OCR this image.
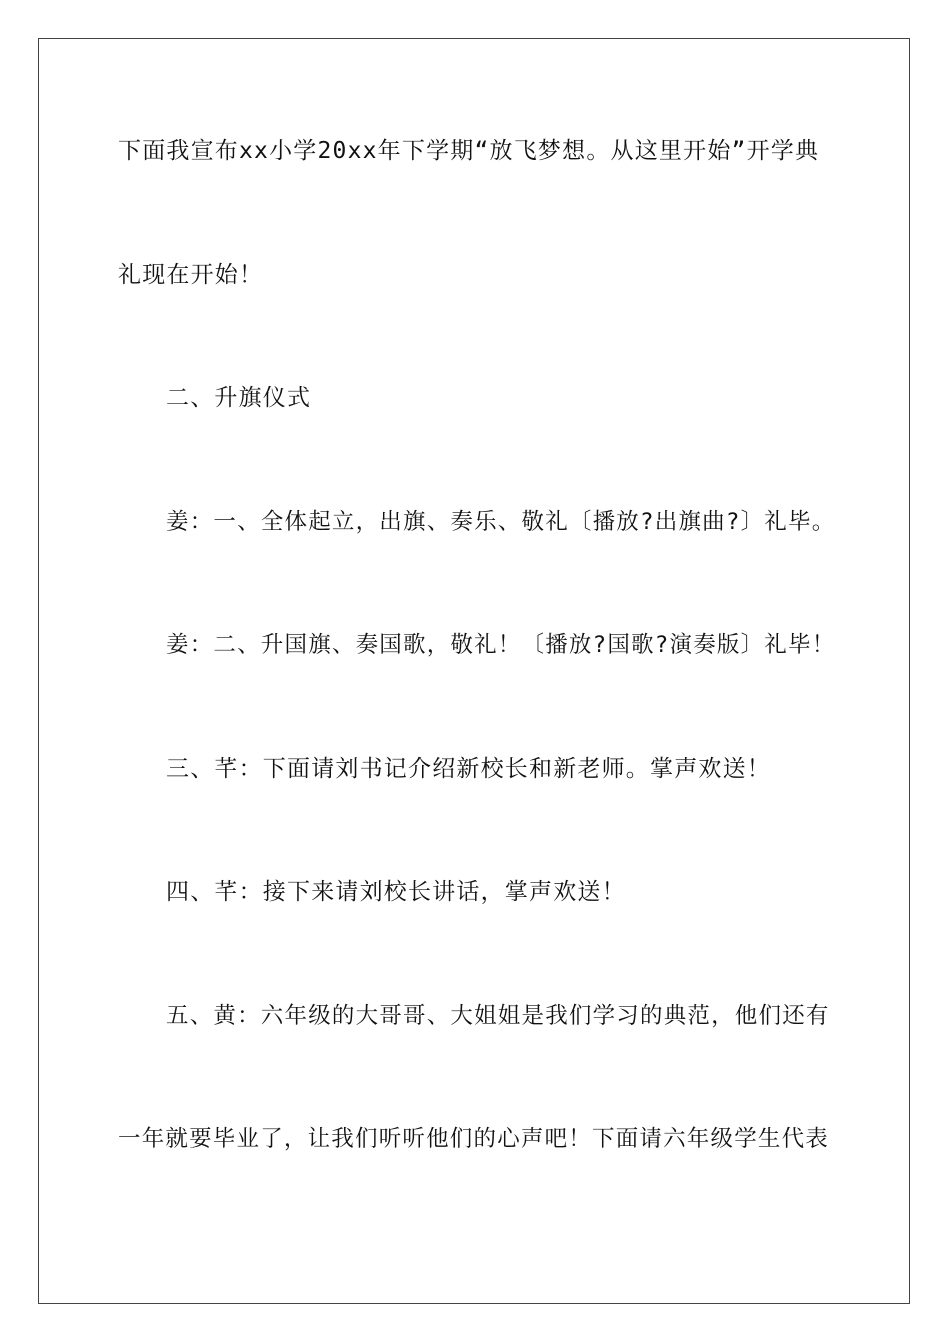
下面我宣布xx小学20xx年下学期“放飞梦想。从这里开始”开学典

礼现在开始！

二、升旗仪式

姜：一、全体起立，出旗、奏乐、敬礼〔播放?出旗曲?〕礼毕。

姜：二、升国旗、奏国歌，敬礼！〔播放?国歌?演奏版〕礼毕！

三、芊：下面请刘书记介绍新校长和新老师。掌声欢送！

四、芊：接下来请刘校长讲话，掌声欢送！

五、黄：六年级的大哥哥、大姐姐是我们学习的典范，他们还有

一年就要毕业了，让我们听听他们的心声吧！下面请六年级学生代表
